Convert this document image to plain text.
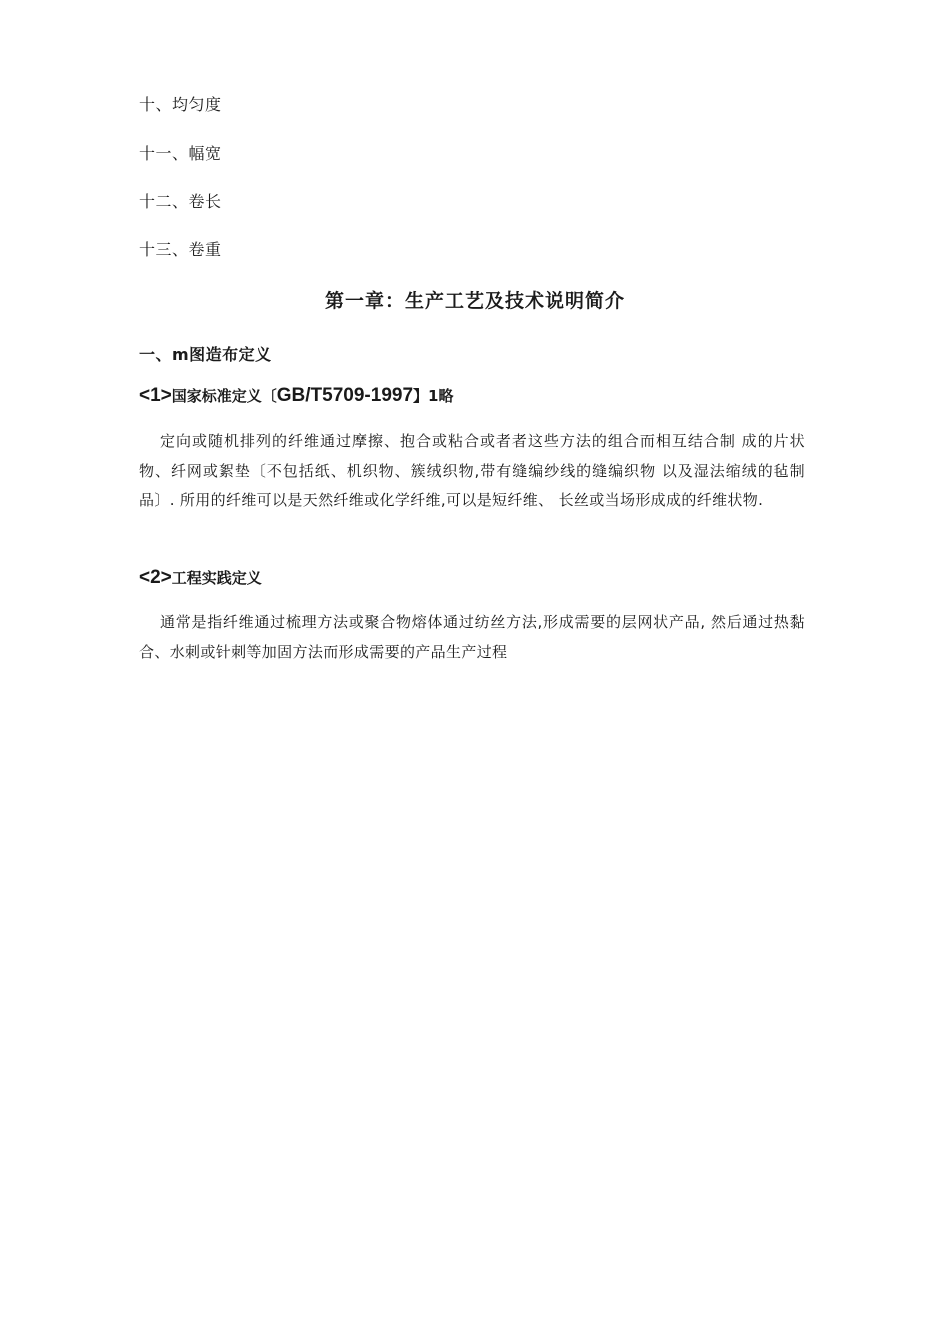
十、均匀度
十一、幅宽
十二、卷长
十三、卷重
第一章：生产工艺及技术说明简介
一、m图造布定义
<1>国家标准定义〔GB/T5709-1997】1略
定向或随机排列的纤维通过摩擦、抱合或粘合或者者这些方法的组合而相互结合制 成的片状物、纤网或絮垫〔不包括纸、机织物、簇绒织物,带有缝编纱线的缝编织物 以及湿法缩绒的毡制品〕. 所用的纤维可以是天然纤维或化学纤维,可以是短纤维、 长丝或当场形成成的纤维状物.
<2>工程实践定义
通常是指纤维通过梳理方法或聚合物熔体通过纺丝方法,形成需要的层网状产品, 然后通过热黏合、水刺或针刺等加固方法而形成需要的产品生产过程
